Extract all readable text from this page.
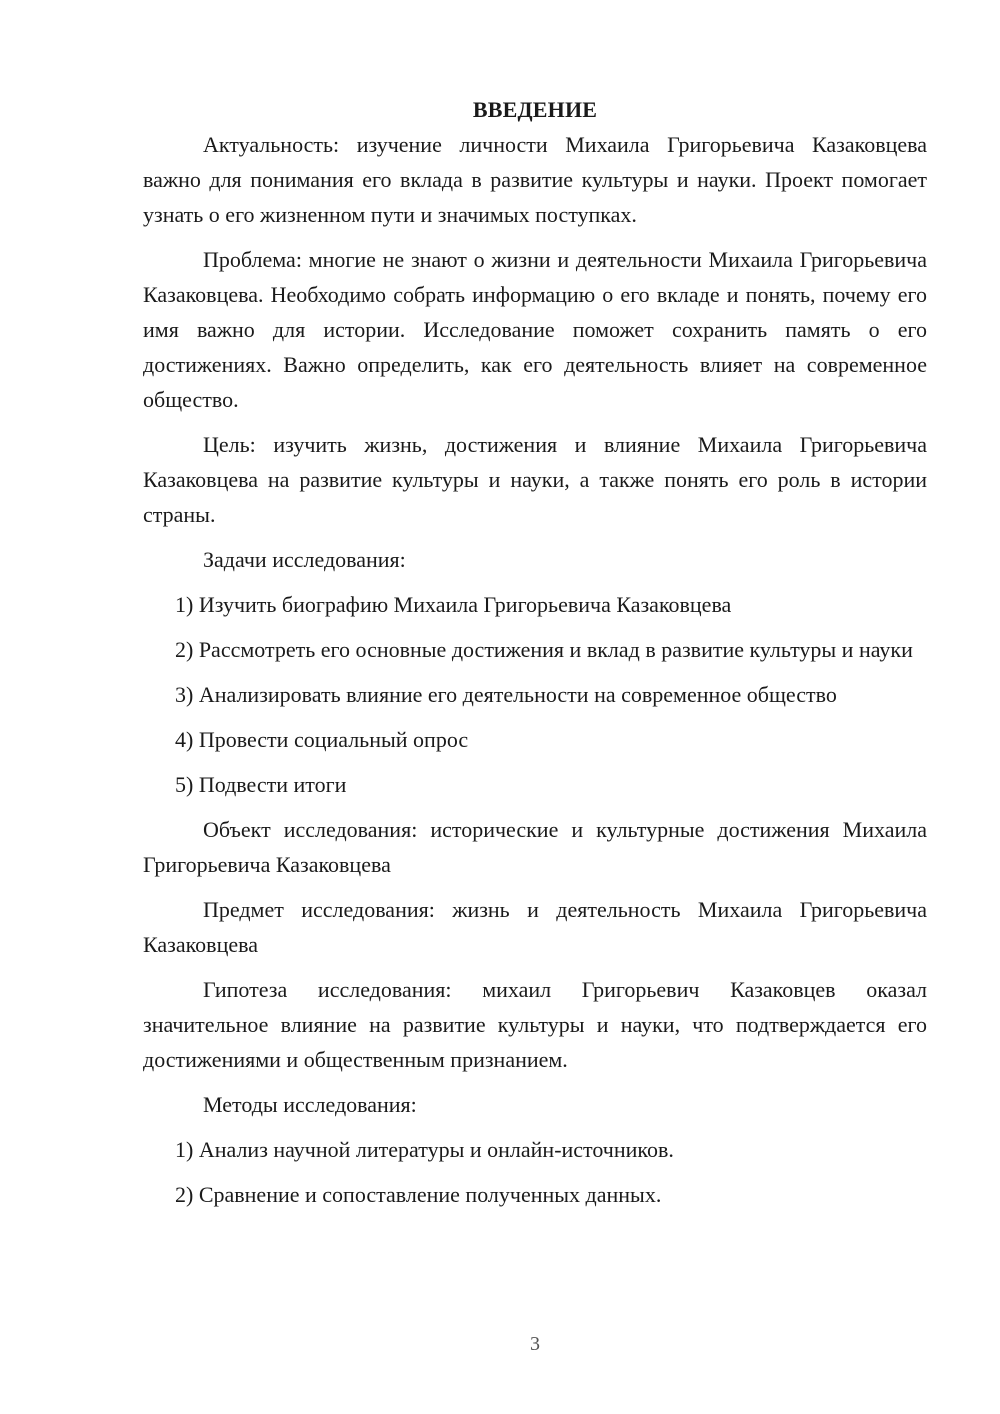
ВВЕДЕНИЕ

Актуальность: изучение личности Михаила Григорьевича Казаковцева важно для понимания его вклада в развитие культуры и науки. Проект помогает узнать о его жизненном пути и значимых поступках.

Проблема: многие не знают о жизни и деятельности Михаила Григорьевича Казаковцева. Необходимо собрать информацию о его вкладе и понять, почему его имя важно для истории. Исследование поможет сохранить память о его достижениях. Важно определить, как его деятельность влияет на современное общество.

Цель: изучить жизнь, достижения и влияние Михаила Григорьевича Казаковцева на развитие культуры и науки, а также понять его роль в истории страны.

Задачи исследования:

1) Изучить биографию Михаила Григорьевича Казаковцева

2) Рассмотреть его основные достижения и вклад в развитие культуры и науки

3) Анализировать влияние его деятельности на современное общество

4) Провести социальный опрос

5) Подвести итоги

Объект исследования: исторические и культурные достижения Михаила Григорьевича Казаковцева

Предмет исследования: жизнь и деятельность Михаила Григорьевича Казаковцева

Гипотеза исследования: михаил Григорьевич Казаковцев оказал значительное влияние на развитие культуры и науки, что подтверждается его достижениями и общественным признанием.

Методы исследования:

1) Анализ научной литературы и онлайн-источников.

2) Сравнение и сопоставление полученных данных.

3
